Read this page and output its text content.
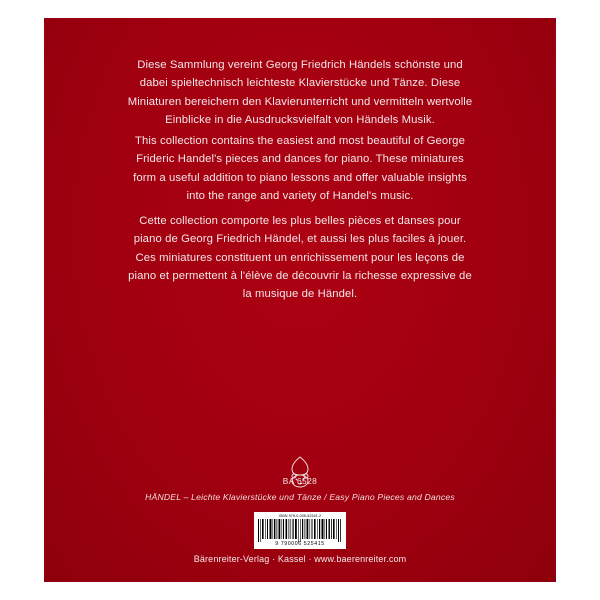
Diese Sammlung vereint Georg Friedrich Händels schönste und dabei spieltechnisch leichteste Klavierstücke und Tänze. Diese Miniaturen bereichern den Klavierunterricht und vermitteln wertvolle Einblicke in die Ausdrucksvielfalt von Händels Musik.

This collection contains the easiest and most beautiful of George Frideric Handel's pieces and dances for piano. These miniatures form a useful addition to piano lessons and offer valuable insights into the range and variety of Handel's music.

Cette collection comporte les plus belles pièces et danses pour piano de Georg Friedrich Händel, et aussi les plus faciles à jouer. Ces miniatures constituent un enrichissement pour les leçons de piano et permettent à l'élève de découvrir la richesse expressive de la musique de Händel.

BA 6528
HÄNDEL – Leichte Klavierstücke und Tänze / Easy Piano Pieces and Dances
ISBN 979-0-006-52541-2
9 790006 525415
Bärenreiter-Verlag · Kassel · www.baerenreiter.com
